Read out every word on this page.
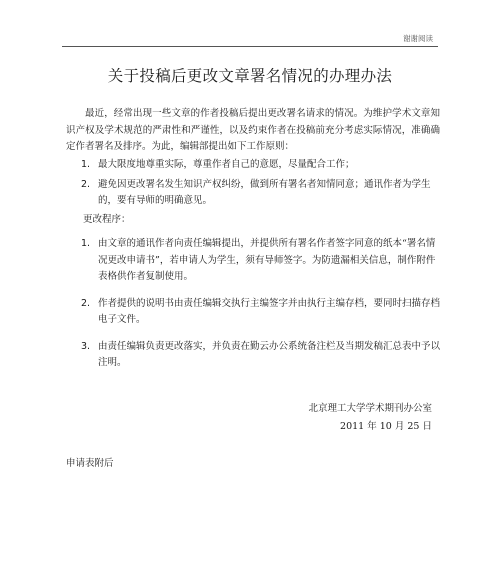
谢谢阅读
关于投稿后更改文章署名情况的办理办法

最近，经常出现一些文章的作者投稿后提出更改署名请求的情况。为维护学术文章知识产权及学术规范的严肃性和严谨性，以及约束作者在投稿前充分考虑实际情况，准确确定作者署名及排序。为此，编辑部提出如下工作原则：

1. 最大限度地尊重实际，尊重作者自己的意愿，尽量配合工作；
2. 避免因更改署名发生知识产权纠纷，做到所有署名者知情同意；通讯作者为学生的，要有导师的明确意见。
更改程序：
1. 由文章的通讯作者向责任编辑提出，并提供所有署名作者签字同意的纸本“署名情况更改申请书”，若申请人为学生，须有导师签字。为防遗漏相关信息，制作附件表格供作者复制使用。
2. 作者提供的说明书由责任编辑交执行主编签字并由执行主编存档，要同时扫描存档电子文件。
3. 由责任编辑负责更改落实，并负责在勤云办公系统备注栏及当期发稿汇总表中予以注明。
北京理工大学学术期刊办公室
2011 年 10 月 25 日
申请表附后
